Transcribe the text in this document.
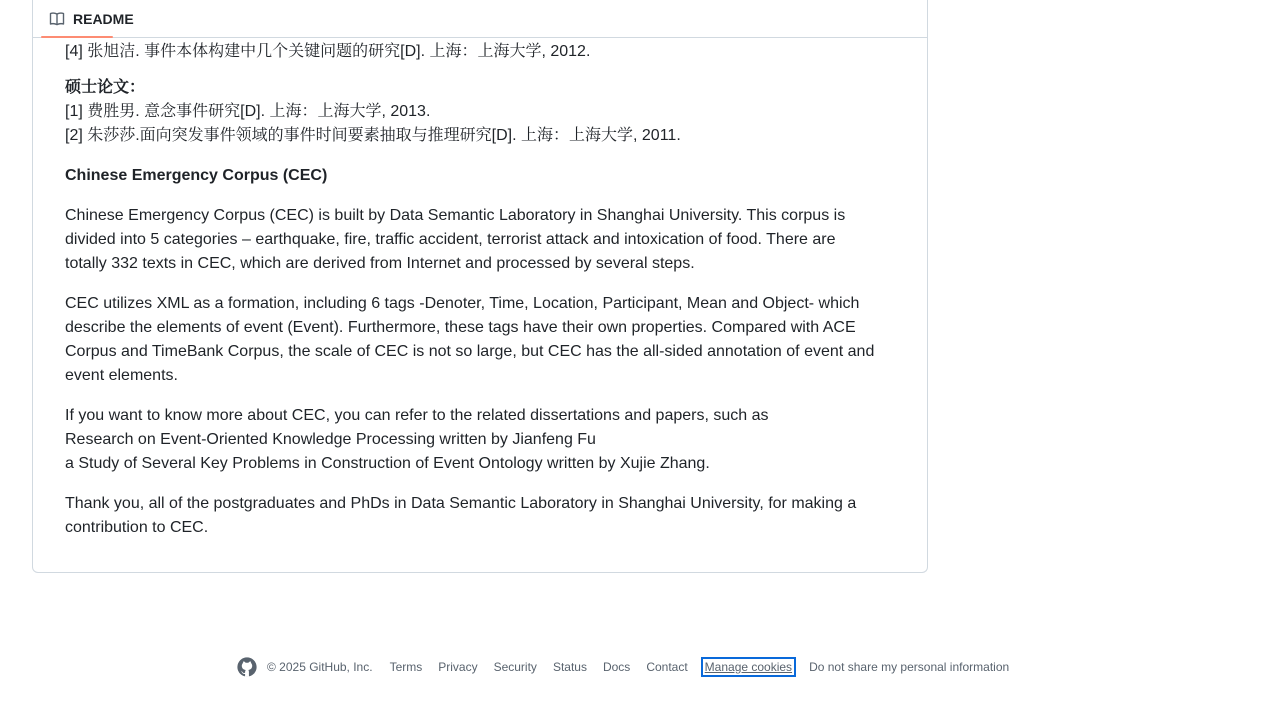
[4] 张旭洁. 事件本体构建中几个关键问题的研究[D]. 上海：上海大学, 2012.
硕士论文：
[1] 费胜男. 意念事件研究[D]. 上海：上海大学, 2013.
[2] 朱莎莎.面向突发事件领域的事件时间要素抽取与推理研究[D]. 上海：上海大学, 2011.
Chinese Emergency Corpus (CEC)
Chinese Emergency Corpus (CEC) is built by Data Semantic Laboratory in Shanghai University. This corpus is
divided into 5 categories – earthquake, fire, traffic accident, terrorist attack and intoxication of food. There are
totally 332 texts in CEC, which are derived from Internet and processed by several steps.
CEC utilizes XML as a formation, including 6 tags -Denoter, Time, Location, Participant, Mean and Object- which
describe the elements of event (Event). Furthermore, these tags have their own properties. Compared with ACE
Corpus and TimeBank Corpus, the scale of CEC is not so large, but CEC has the all-sided annotation of event and
event elements.
If you want to know more about CEC, you can refer to the related dissertations and papers, such as
Research on Event-Oriented Knowledge Processing written by Jianfeng Fu
a Study of Several Key Problems in Construction of Event Ontology written by Xujie Zhang.
Thank you, all of the postgraduates and PhDs in Data Semantic Laboratory in Shanghai University, for making a
contribution to CEC.
README
© 2025 GitHub, Inc. Terms Privacy Security Status Docs Contact Manage cookies Do not share my personal information
